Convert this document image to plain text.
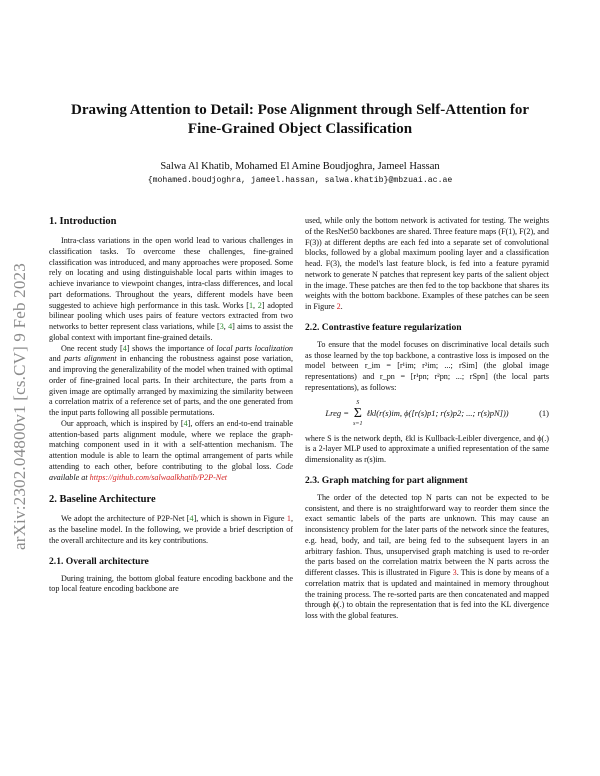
Drawing Attention to Detail: Pose Alignment through Self-Attention for Fine-Grained Object Classification
Salwa Al Khatib, Mohamed El Amine Boudjoghra, Jameel Hassan
{mohamed.boudjoghra, jameel.hassan, salwa.khatib}@mbzuai.ac.ae
arXiv:2302.04800v1 [cs.CV] 9 Feb 2023
1. Introduction

Intra-class variations in the open world lead to various challenges in classification tasks. To overcome these challenges, fine-grained classification was introduced, and many approaches were proposed. Some rely on locating and using distinguishable local parts within images to achieve invariance to viewpoint changes, intra-class differences, and local part deformations. Throughout the years, different models have been suggested to achieve high performance in this task. Works [1, 2] adopted bilinear pooling which uses pairs of feature vectors extracted from two networks to better represent class variations, while [3, 4] aims to assist the global context with important fine-grained details.

One recent study [4] shows the importance of local parts localization and parts alignment in enhancing the robustness against pose variation, and improving the generalizability of the model when trained with optimal order of fine-grained local parts. In their architecture, the parts from a given image are optimally arranged by maximizing the similarity between a correlation matrix of a reference set of parts, and the one generated from the input parts following all possible permutations.

Our approach, which is inspired by [4], offers an end-to-end trainable attention-based parts alignment module, where we replace the graph-matching component used in it with a self-attention mechanism. The attention module is able to learn the optimal arrangement of parts while attending to each other, before contributing to the global loss. Code available at https://github.com/salwaalkhatib/P2P-Net

2. Baseline Architecture

We adopt the architecture of P2P-Net [4], which is shown in Figure 1, as the baseline model. In the following, we provide a brief description of the overall architecture and its key contributions.

2.1. Overall architecture

During training, the bottom global feature encoding backbone and the top local feature encoding backbone are

used, while only the bottom network is activated for testing. The weights of the ResNet50 backbones are shared. Three feature maps (F(1), F(2), and F(3)) at different depths are each fed into a separate set of convolutional blocks, followed by a global maximum pooling layer and a classification head. F(3), the model's last feature block, is fed into a feature pyramid network to generate N patches that represent key parts of the salient object in the image. These patches are then fed to the top backbone that shares its weights with the bottom backbone. Examples of these patches can be seen in Figure 2.

2.2. Contrastive feature regularization

To ensure that the model focuses on discriminative local details such as those learned by the top backbone, a contrastive loss is imposed on the model between r_im = [r¹im; r²im; ...; rSim] (the global image representations) and r_pn = [r¹pn; r²pn; ...; rSpn] (the local parts representations), as follows:

Lreg = S
Σ
s=1 ℓkl(r(s)im, ϕ([r(s)p1; r(s)p2; ...; r(s)pN]))	(1)

where S is the network depth, ℓkl is Kullback-Leibler divergence, and ϕ(.) is a 2-layer MLP used to approximate a unified representation of the same dimensionality as r(s)im.

2.3. Graph matching for part alignment

The order of the detected top N parts can not be expected to be consistent, and there is no straightforward way to reorder them since the exact semantic labels of the parts are unknown. This may cause an inconsistency problem for the later parts of the network since the features, e.g. head, body, and tail, are being fed to the subsequent layers in an arbitrary fashion. Thus, unsupervised graph matching is used to re-order the parts based on the correlation matrix between the N parts across the different classes. This is illustrated in Figure 3. This is done by means of a correlation matrix that is updated and maintained in memory throughout the training process. The re-sorted parts are then concatenated and mapped through ϕ(.) to obtain the representation that is fed into the KL divergence loss with the global features.
